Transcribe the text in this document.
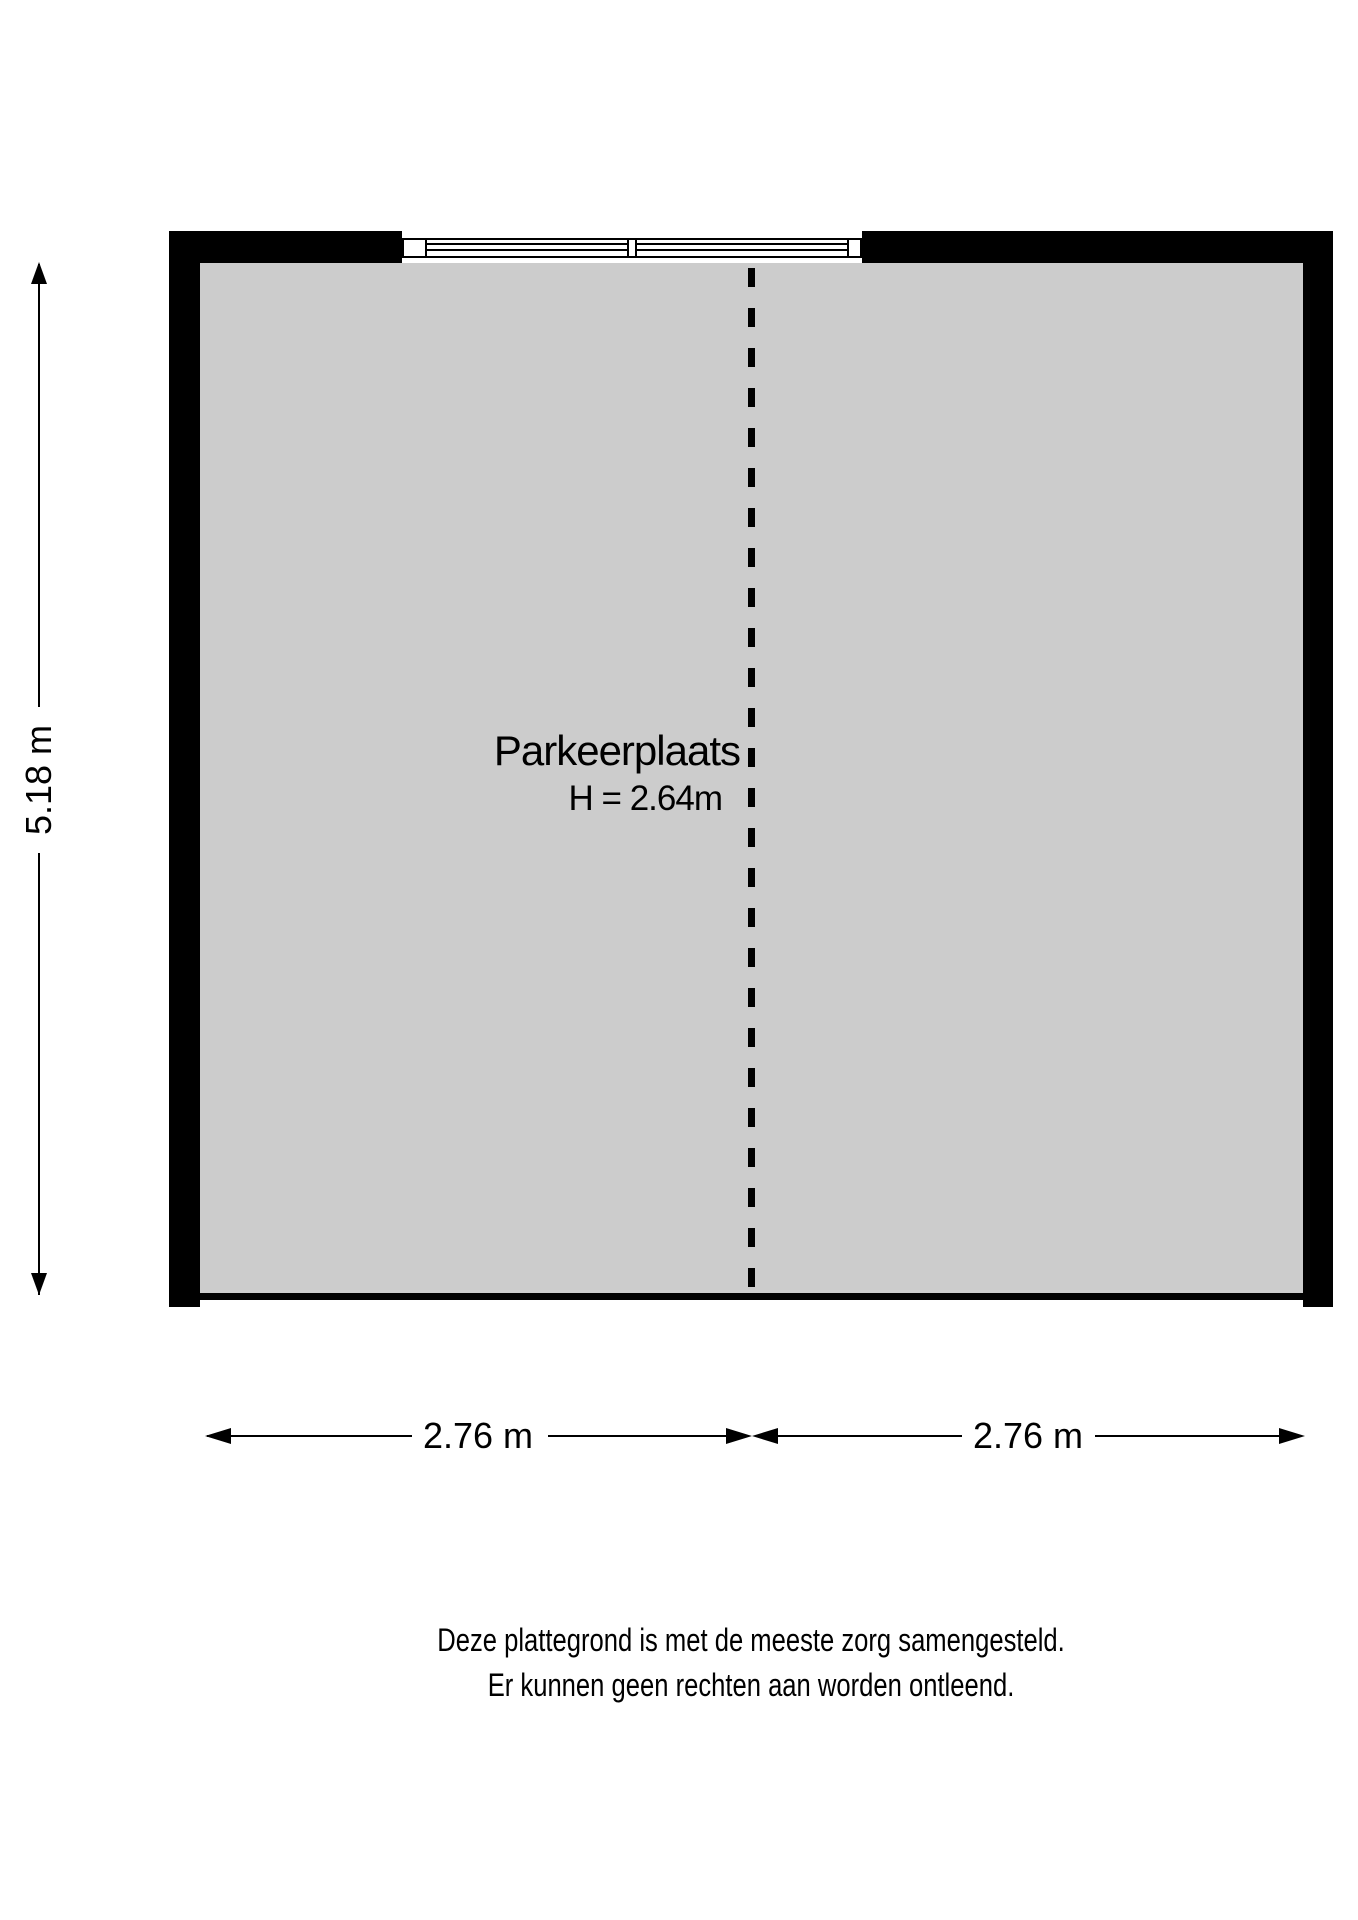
Parkeerplaats
H = 2.64m
5.18 m
2.76 m	2.76 m
Deze plattegrond is met de meeste zorg samengesteld.
Er kunnen geen rechten aan worden ontleend.
